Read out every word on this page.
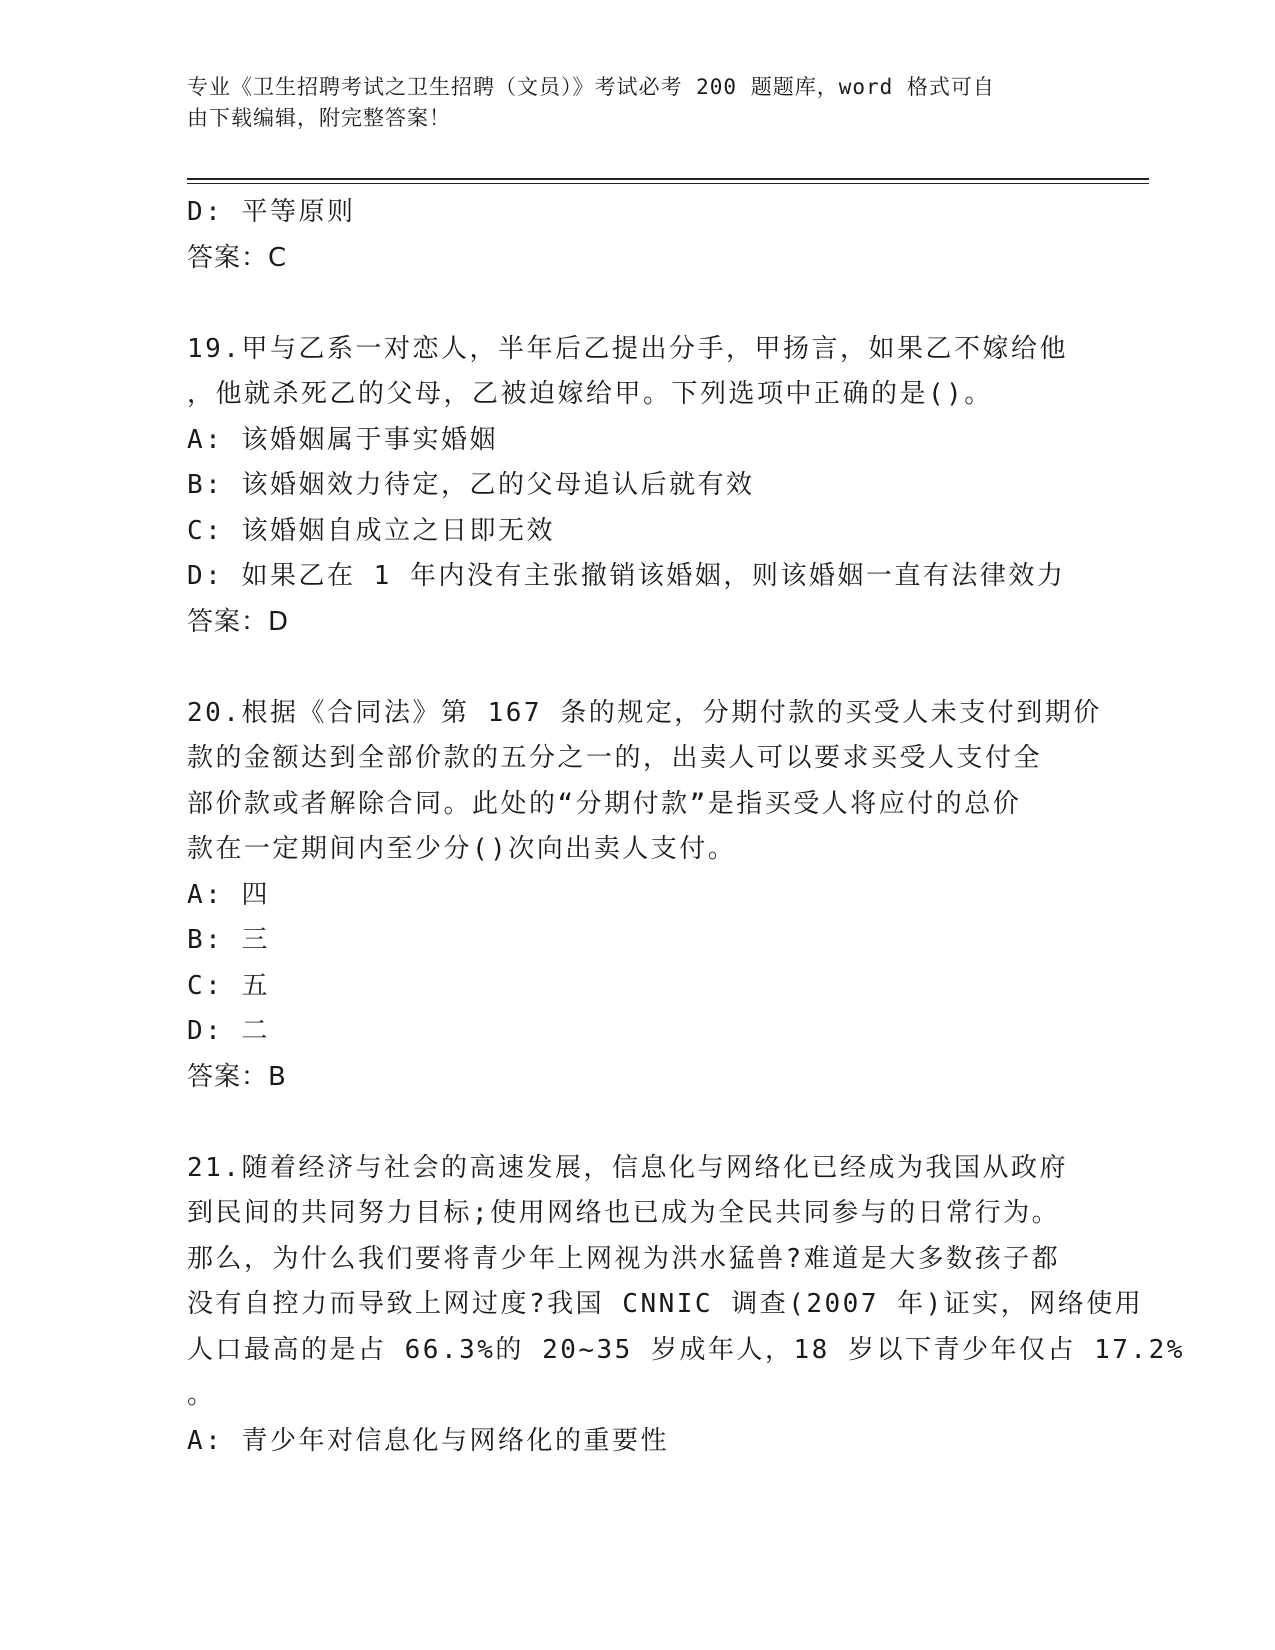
专业《卫生招聘考试之卫生招聘（文员）》考试必考 200 题题库，word 格式可自
由下载编辑，附完整答案！
D: 平等原则
答案：C
19.甲与乙系一对恋人，半年后乙提出分手，甲扬言，如果乙不嫁给他
，他就杀死乙的父母，乙被迫嫁给甲。下列选项中正确的是()。
A: 该婚姻属于事实婚姻
B: 该婚姻效力待定，乙的父母追认后就有效
C: 该婚姻自成立之日即无效
D: 如果乙在 1 年内没有主张撤销该婚姻，则该婚姻一直有法律效力
答案：D
20.根据《合同法》第 167 条的规定，分期付款的买受人未支付到期价
款的金额达到全部价款的五分之一的，出卖人可以要求买受人支付全
部价款或者解除合同。此处的“分期付款”是指买受人将应付的总价
款在一定期间内至少分()次向出卖人支付。
A: 四
B: 三
C: 五
D: 二
答案：B
21.随着经济与社会的高速发展，信息化与网络化已经成为我国从政府
到民间的共同努力目标;使用网络也已成为全民共同参与的日常行为。
那么，为什么我们要将青少年上网视为洪水猛兽?难道是大多数孩子都
没有自控力而导致上网过度?我国 CNNIC 调查(2007 年)证实，网络使用
人口最高的是占 66.3%的 20~35 岁成年人，18 岁以下青少年仅占 17.2%
。
A: 青少年对信息化与网络化的重要性
